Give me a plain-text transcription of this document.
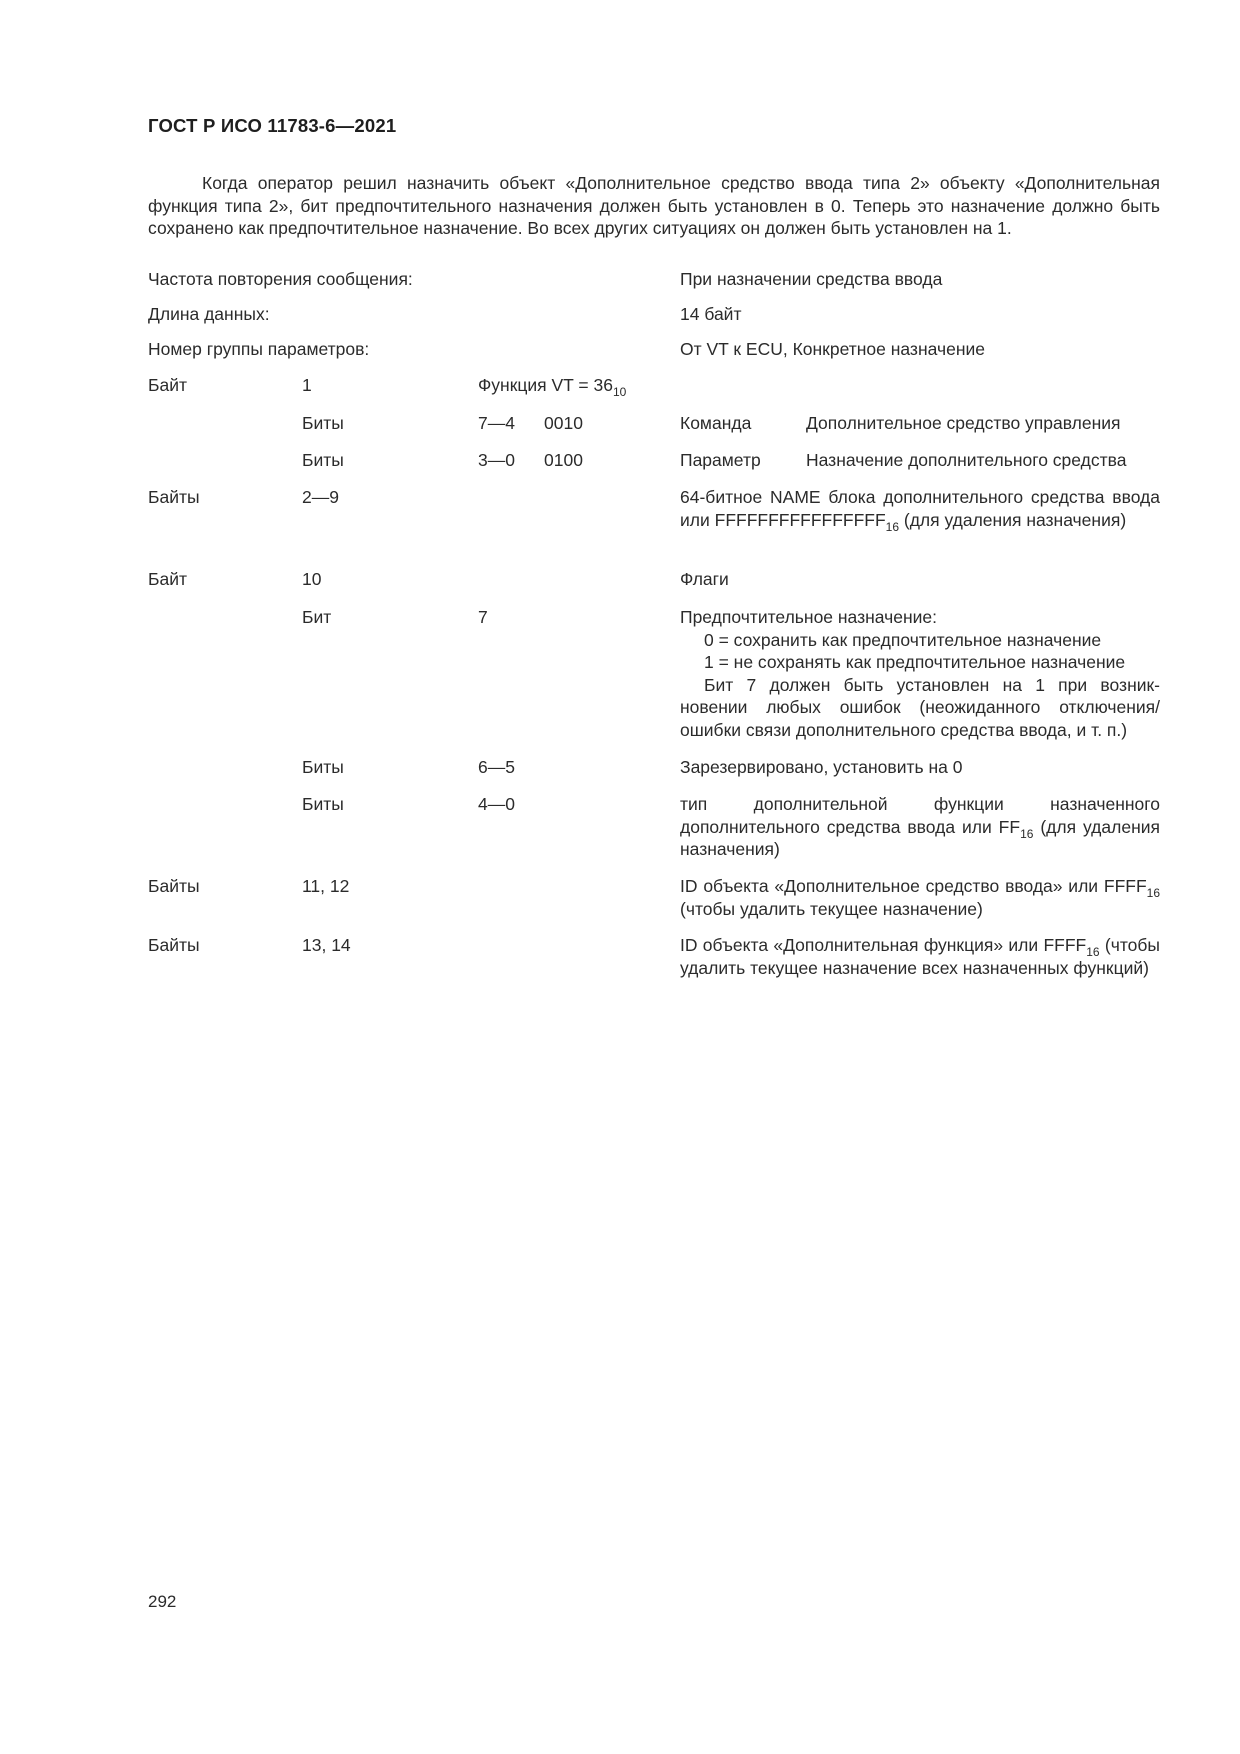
ГОСТ Р ИСО 11783-6—2021

Когда оператор решил назначить объект «Дополнительное средство ввода типа 2» объекту «Дополнительная функция типа 2», бит предпочтительного назначения должен быть установлен в 0. Теперь это назначение должно быть сохранено как предпочтительное назначение. Во всех других ситуациях он должен быть установлен на 1.

Частота повторения сообщения:	При назначении средства ввода
Длина данных:	14 байт
Номер группы параметров:	От VT к ECU, Конкретное назначение
Байт	1	Функция VT = $36_{10}$
Биты	7—4 0010	Команда	Дополнительное средство управления
Биты	3—0 0100	Параметр	Назначение дополнительного средства
Байты	2—9	64-битное NAME блока дополнительного средства ввода или $FFFFFFFFFFFFFFFF_{16}$ (для удаления назначения)
Байт	10	Флаги
Бит	7	Предпочтительное назначение:
0 = сохранить как предпочтительное назначение
1 = не сохранять как предпочтительное назначение
Бит 7 должен быть установлен на 1 при возник-
новении любых ошибок (неожиданного отключения/ ошибки связи дополнительного средства ввода, и т. п.)
Биты	6—5	Зарезервировано, установить на 0
Биты	4—0	тип дополнительной функции назначенного дополнительного средства ввода или $FF_{16}$ (для удаления назначения)
Байты	11, 12	ID объекта «Дополнительное средство ввода» или $FFFF_{16}$ (чтобы удалить текущее назначение)
Байты	13, 14	ID объекта «Дополнительная функция» или $FFFF_{16}$ (чтобы удалить текущее назначение всех назначенных функций)
292
